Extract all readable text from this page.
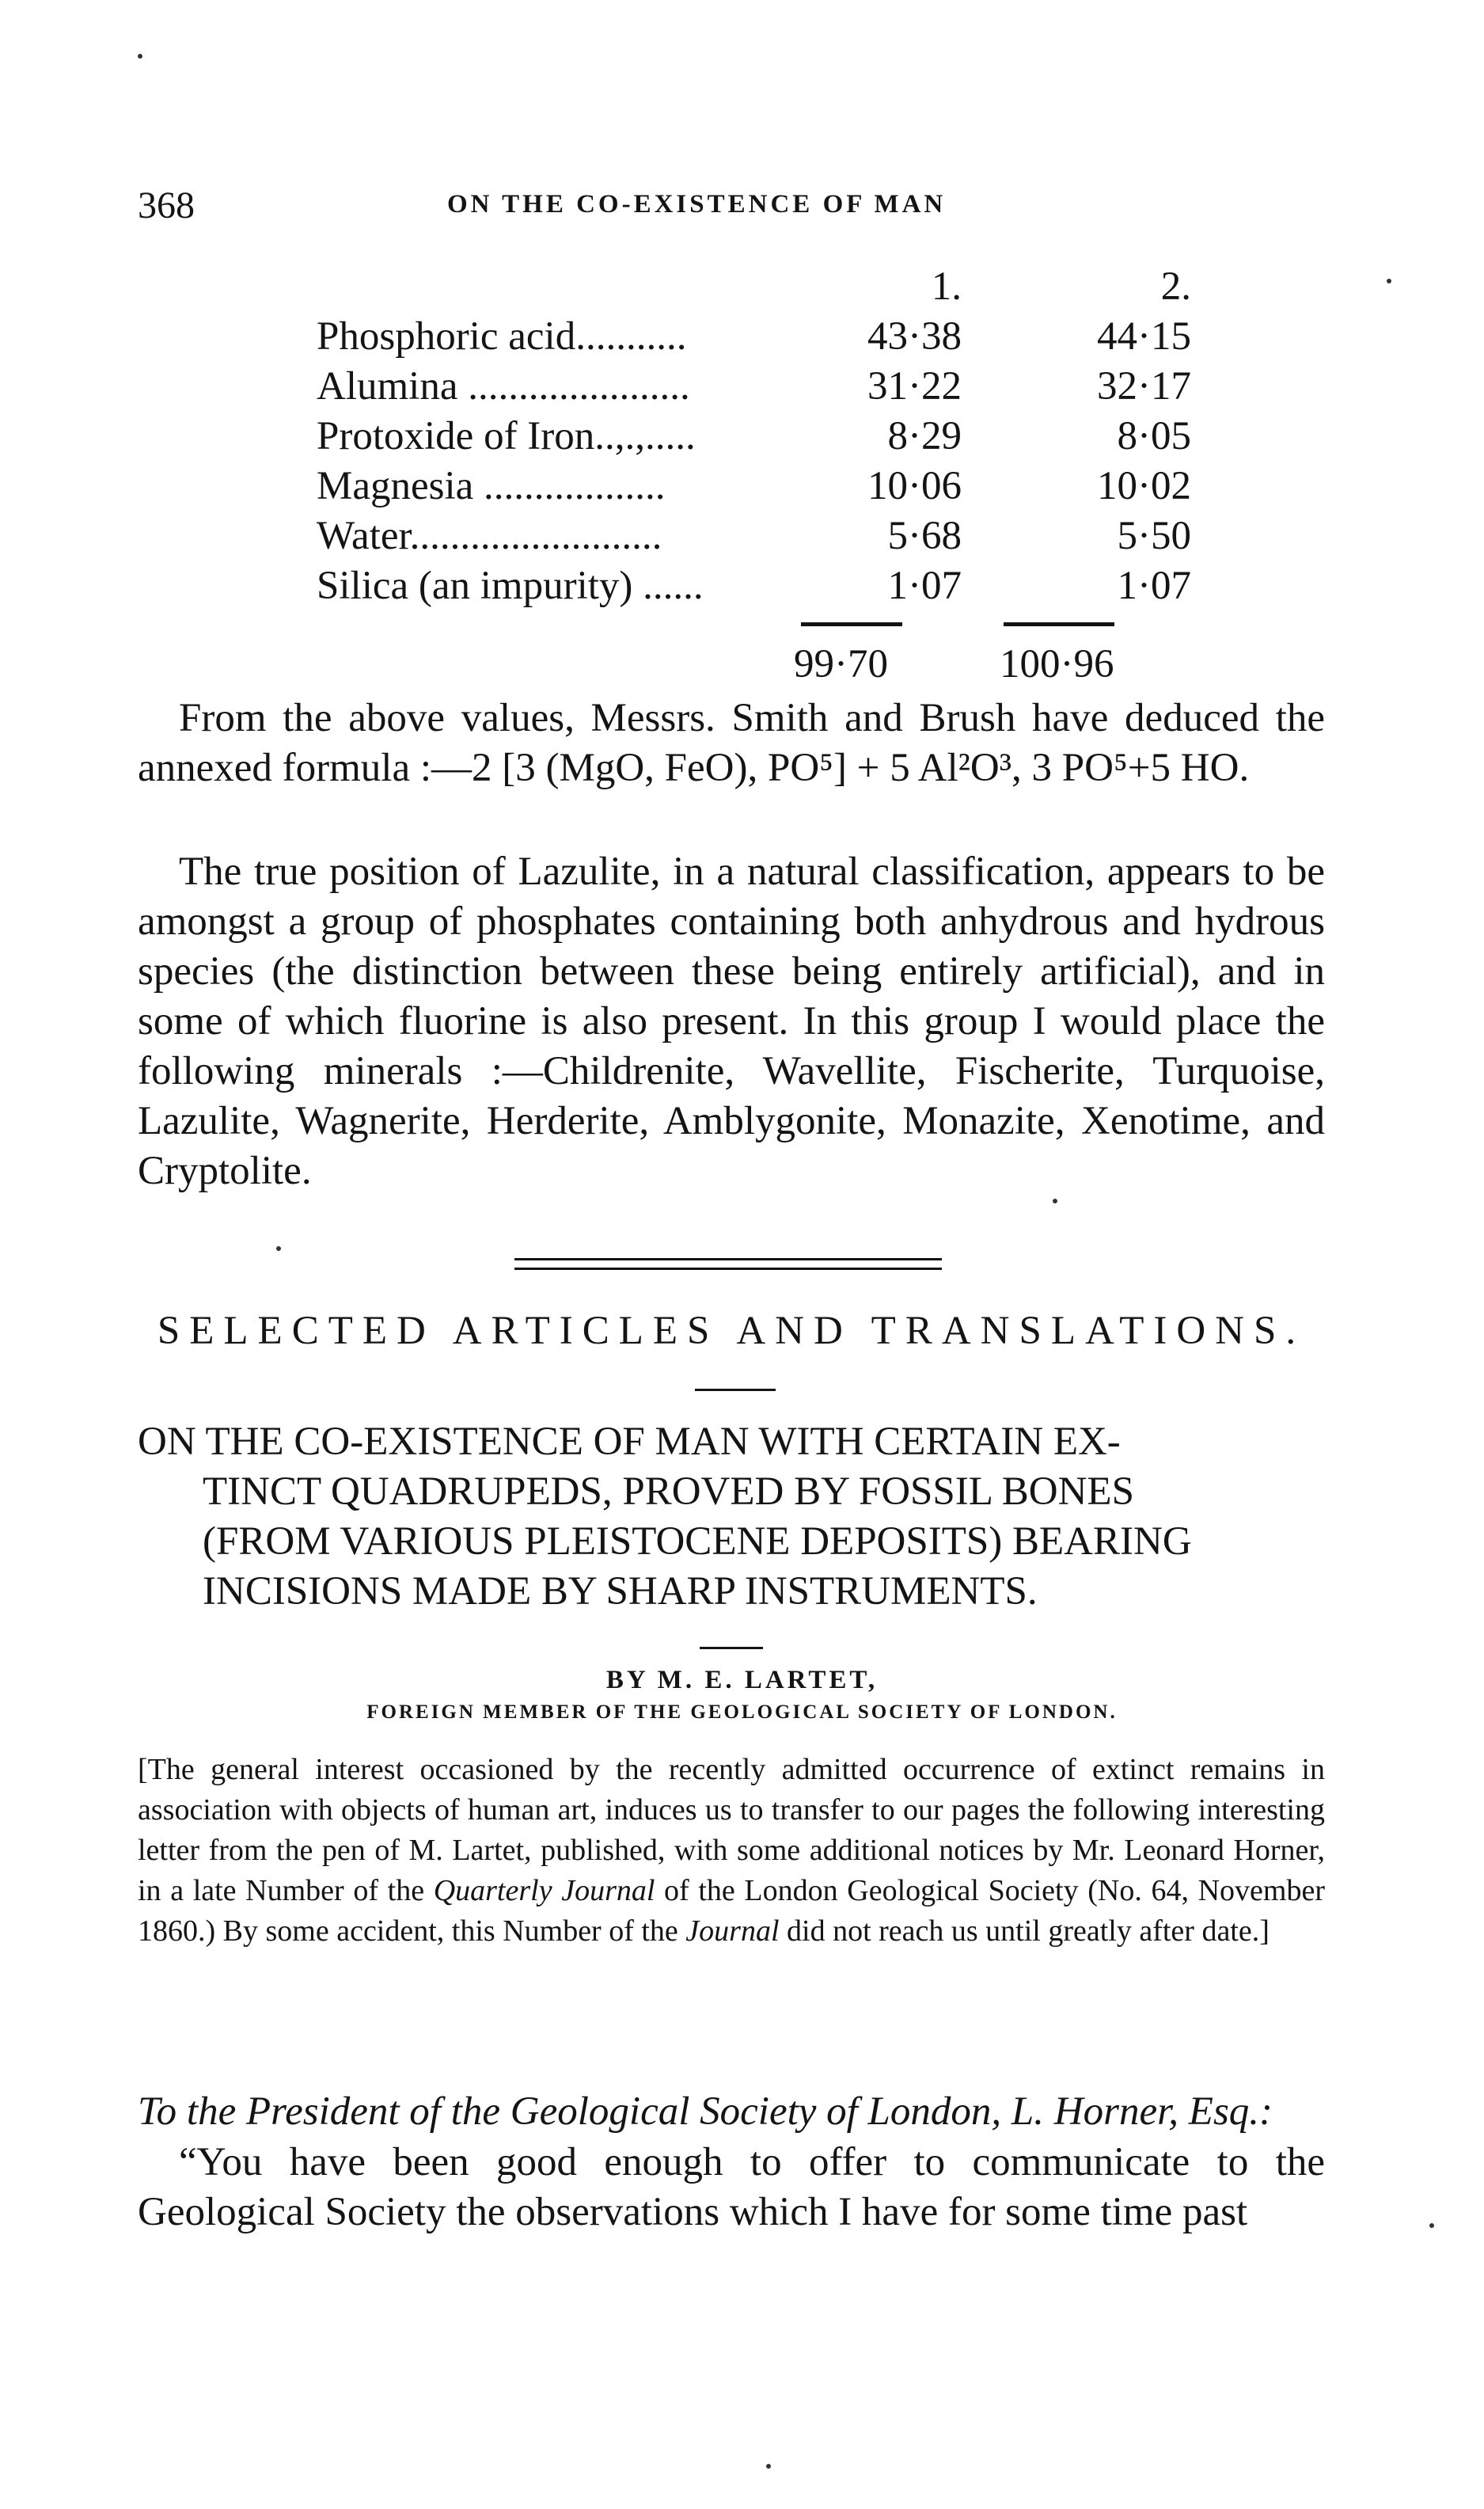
368	ON THE CO-EXISTENCE OF MAN
	1.	2.
Phosphoric acid...........	43·38	44·15
Alumina ......................	31·22	32·17
Protoxide of Iron..,.,.....	8·29	8·05
Magnesia ..................	10·06	10·02
Water.........................	5·68	5·50
Silica (an impurity) ......	1·07	1·07
99·70	100·96

From the above values, Messrs. Smith and Brush have deduced the annexed formula :—2 [3 (MgO, FeO), PO⁵] + 5 Al²O³, 3 PO⁵+5 HO.

The true position of Lazulite, in a natural classification, appears to be amongst a group of phosphates containing both anhydrous and hydrous species (the distinction between these being entirely artificial), and in some of which fluorine is also present. In this group I would place the following minerals :—Childrenite, Wavellite, Fischerite, Turquoise, Lazulite, Wagnerite, Herderite, Amblygonite, Monazite, Xenotime, and Cryptolite.

SELECTED ARTICLES AND TRANSLATIONS.
ON THE CO-EXISTENCE OF MAN WITH CERTAIN EX-
TINCT QUADRUPEDS, PROVED BY FOSSIL BONES
(FROM VARIOUS PLEISTOCENE DEPOSITS) BEARING
INCISIONS MADE BY SHARP INSTRUMENTS.
BY M. E. LARTET,
FOREIGN MEMBER OF THE GEOLOGICAL SOCIETY OF LONDON.

[The general interest occasioned by the recently admitted occurrence of extinct remains in association with objects of human art, induces us to transfer to our pages the following interesting letter from the pen of M. Lartet, published, with some additional notices by Mr. Leonard Horner, in a late Number of the Quarterly Journal of the London Geological Society (No. 64, November 1860.) By some accident, this Number of the Journal did not reach us until greatly after date.]

To the President of the Geological Society of London, L. Horner, Esq.:

“You have been good enough to offer to communicate to the Geological Society the observations which I have for some time past
